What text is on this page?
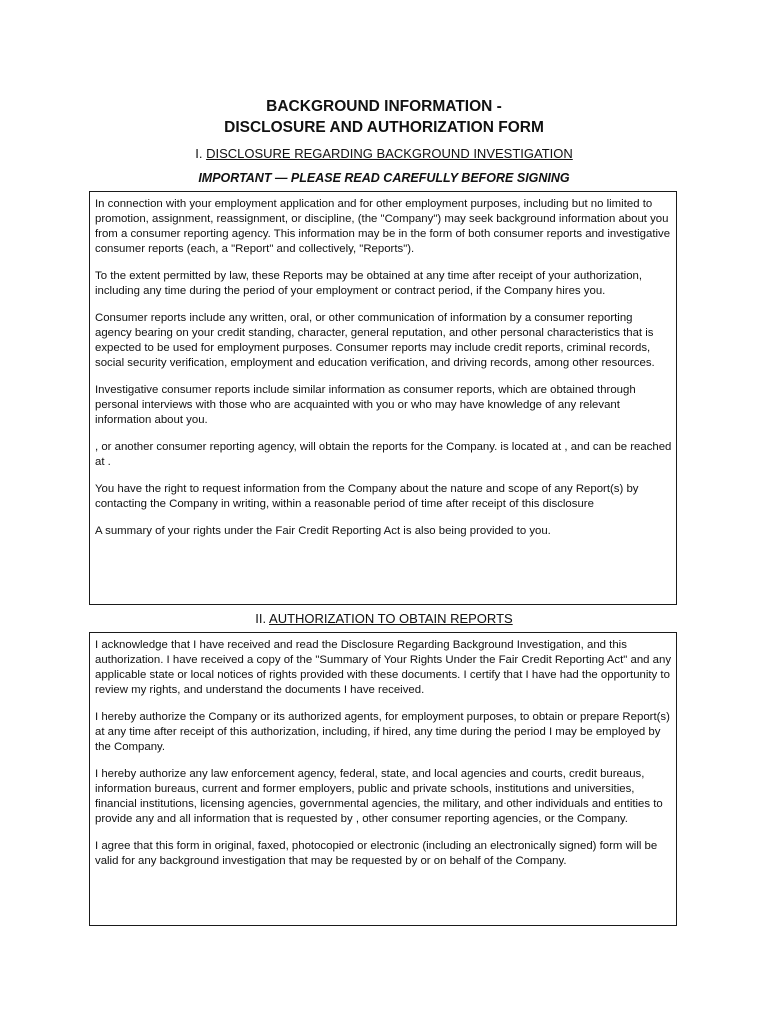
BACKGROUND INFORMATION -
DISCLOSURE AND AUTHORIZATION FORM
I. DISCLOSURE REGARDING BACKGROUND INVESTIGATION
IMPORTANT — PLEASE READ CAREFULLY BEFORE SIGNING

In connection with your employment application and for other employment purposes, including but no limited to promotion, assignment, reassignment, or discipline, (the "Company") may seek background information about you from a consumer reporting agency. This information may be in the form of both consumer reports and investigative consumer reports (each, a "Report" and collectively, "Reports").

To the extent permitted by law, these Reports may be obtained at any time after receipt of your authorization, including any time during the period of your employment or contract period, if the Company hires you.

Consumer reports include any written, oral, or other communication of information by a consumer reporting agency bearing on your credit standing, character, general reputation, and other personal characteristics that is expected to be used for employment purposes. Consumer reports may include credit reports, criminal records, social security verification, employment and education verification, and driving records, among other resources.

Investigative consumer reports include similar information as consumer reports, which are obtained through personal interviews with those who are acquainted with you or who may have knowledge of any relevant information about you.

, or another consumer reporting agency, will obtain the reports for the Company. is located at , and can be reached at .

You have the right to request information from the Company about the nature and scope of any Report(s) by contacting the Company in writing, within a reasonable period of time after receipt of this disclosure

A summary of your rights under the Fair Credit Reporting Act is also being provided to you.

II. AUTHORIZATION TO OBTAIN REPORTS

I acknowledge that I have received and read the Disclosure Regarding Background Investigation, and this authorization. I have received a copy of the "Summary of Your Rights Under the Fair Credit Reporting Act" and any applicable state or local notices of rights provided with these documents. I certify that I have had the opportunity to review my rights, and understand the documents I have received.

I hereby authorize the Company or its authorized agents, for employment purposes, to obtain or prepare Report(s) at any time after receipt of this authorization, including, if hired, any time during the period I may be employed by the Company.

I hereby authorize any law enforcement agency, federal, state, and local agencies and courts, credit bureaus, information bureaus, current and former employers, public and private schools, institutions and universities, financial institutions, licensing agencies, governmental agencies, the military, and other individuals and entities to provide any and all information that is requested by , other consumer reporting agencies, or the Company.

I agree that this form in original, faxed, photocopied or electronic (including an electronically signed) form will be valid for any background investigation that may be requested by or on behalf of the Company.
